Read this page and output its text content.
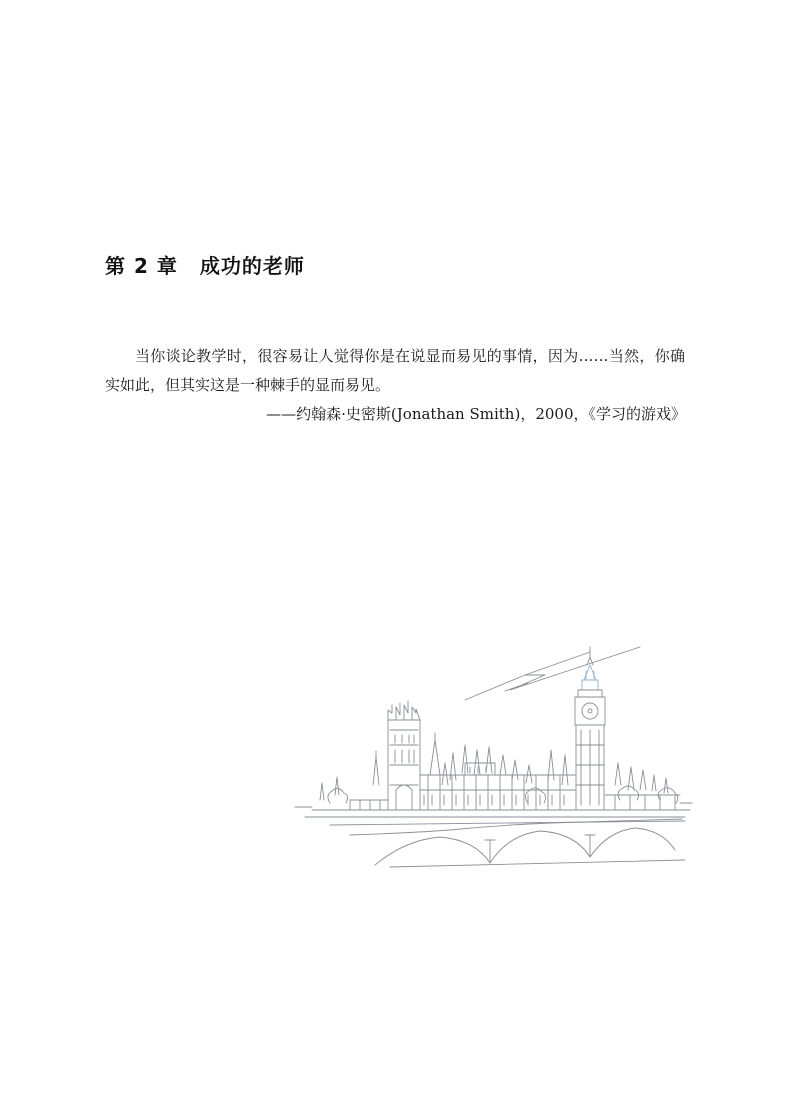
第 2 章 成功的老师

当你谈论教学时，很容易让人觉得你是在说显而易见的事情，因为……当然，你确实如此，但其实这是一种棘手的显而易见。

——约翰森·史密斯(Jonathan Smith)，2000，《学习的游戏》
